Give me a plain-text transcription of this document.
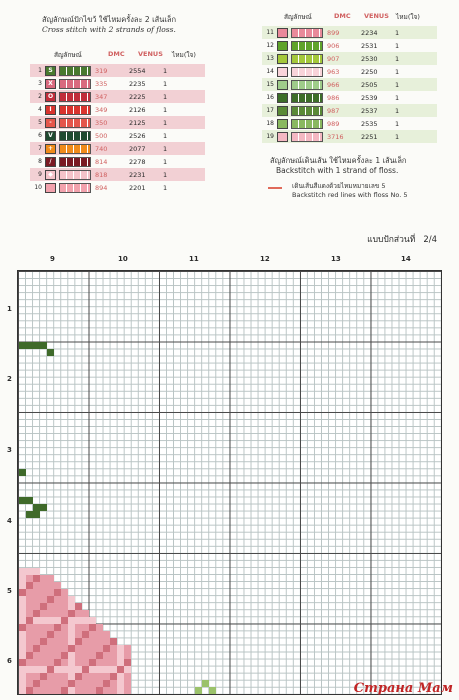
สัญลักษณ์ปักไขว้ ใช้ไหมครั้งละ 2 เส้นเล็ก
Cross stitch with 2 strands of floss.
สัญลักษณ์	DMC VENUS ไหม(ใจ)
1	S	319	2554	1
3	X	335	2235	1
2 O	347	2225	1
4	I	349	2126	1
5	-	350	2125	1
6	V	500	2526	1
7 +	740	2077	1
8	/	814	2278	1
9	◆	818	2231	1
10	894	2201	1
สัญลักษณ์	DMC VENUS ไหม(ใจ)
11	899	2234	1
12	906	2531	1
13	907	2530	1
14	963	2250	1
15	966	2505	1
16	986	2539	1
17	987	2537	1
18	989	2535	1
19	3716	2251	1
สัญลักษณ์เดินเส้น ใช้ไหมครั้งละ 1 เส้นเล็ก
Backstitch with 1 strand of floss.
เดินเส้นสีแดงด้วยไหมหมายเลข 5
Backstitch red lines with floss No. 5
แบบปักส่วนที่ 2/4
9	10	11	12	13	14
1
2
3
4
5
6
Страна Мам
